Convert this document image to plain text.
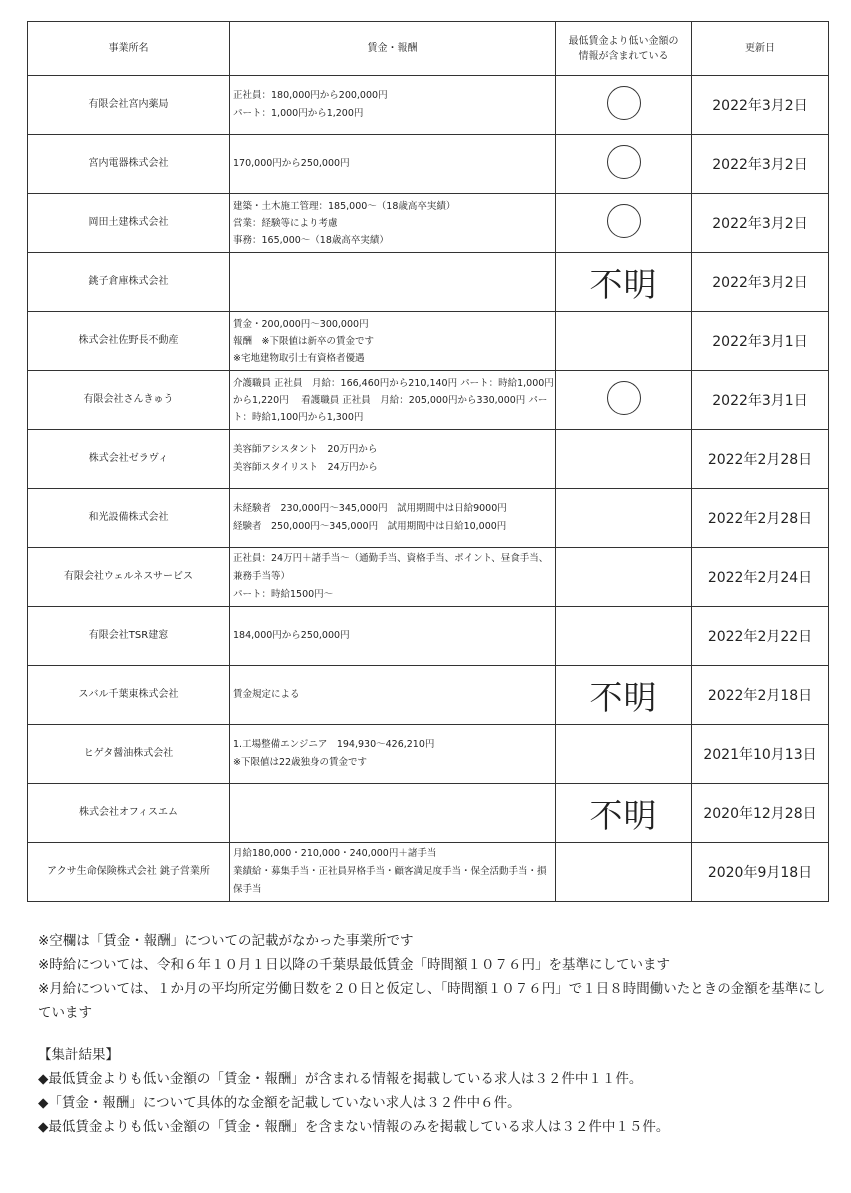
事業所名	賃金・報酬	最低賃金より低い金額の
情報が含まれている	更新日
有限会社宮内薬局	正社員：180,000円から200,000円
パート：1,000円から1,200円		2022年3月2日
宮内電器株式会社	170,000円から250,000円		2022年3月2日
岡田土建株式会社	建築・土木施工管理：185,000～（18歳高卒実績）
営業：経験等により考慮
事務：165,000～（18歳高卒実績）		2022年3月2日
銚子倉庫株式会社		不明	2022年3月2日
株式会社佐野長不動産	賃金・200,000円～300,000円
報酬　※下限値は新卒の賃金です
※宅地建物取引士有資格者優遇		2022年3月1日
有限会社さんきゅう	介護職員 正社員　月給：166,460円から210,140円 パート：時給1,000円から1,220円　 看護職員 正社員　月給：205,000円から330,000円 パート：時給1,100円から1,300円		2022年3月1日
株式会社ゼラヴィ	美容師アシスタント　20万円から
美容師スタイリスト　24万円から		2022年2月28日
和光設備株式会社	未経験者　230,000円～345,000円　試用期間中は日給9000円
経験者　250,000円～345,000円　試用期間中は日給10,000円		2022年2月28日
有限会社ウェルネスサービス	正社員：24万円＋諸手当～（通勤手当、資格手当、ポイント、昼食手当、兼務手当等）
パート：時給1500円～		2022年2月24日
有限会社TSR建窓	184,000円から250,000円		2022年2月22日
スバル千葉東株式会社	賃金規定による	不明	2022年2月18日
ヒゲタ醤油株式会社	1.工場整備エンジニア　194,930～426,210円
※下限値は22歳独身の賃金です		2021年10月13日
株式会社オフィスエム		不明	2020年12月28日
アクサ生命保険株式会社 銚子営業所	月給180,000・210,000・240,000円＋諸手当
業績給・募集手当・正社員昇格手当・顧客満足度手当・保全活動手当・損保手当		2020年9月18日

※空欄は「賃金・報酬」についての記載がなかった事業所です

※時給については、令和６年１０月１日以降の千葉県最低賃金「時間額１０７６円」を基準にしています

※月給については、１か月の平均所定労働日数を２０日と仮定し、「時間額１０７６円」で１日８時間働いたときの金額を基準にしています

【集計結果】

◆最低賃金よりも低い金額の「賃金・報酬」が含まれる情報を掲載している求人は３２件中１１件。

◆「賃金・報酬」について具体的な金額を記載していない求人は３２件中６件。

◆最低賃金よりも低い金額の「賃金・報酬」を含まない情報のみを掲載している求人は３２件中１５件。
